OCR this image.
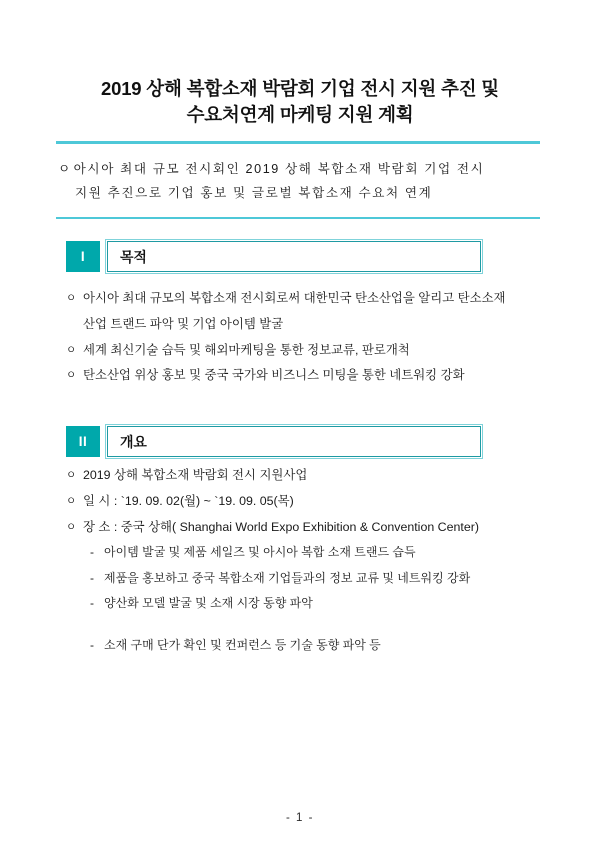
2019 상해 복합소재 박람회 기업 전시 지원 추진 및
수요처연계 마케팅 지원 계획
ㅇ 아시아 최대 규모 전시회인 2019 상해 복합소재 박람회 기업 전시
지원 추진으로 기업 홍보 및 글로벌 복합소재 수요처 연계
I	목적
ㅇ 아시아 최대 규모의 복합소재 전시회로써 대한민국 탄소산업을 알리고 탄소소재
산업 트랜드 파악 및 기업 아이템 발굴
ㅇ 세계 최신기술 습득 및 해외마케팅을 통한 정보교류, 판로개척
ㅇ 탄소산업 위상 홍보 및 중국 국가와 비즈니스 미팅을 통한 네트워킹 강화
II	개요
ㅇ 2019 상해 복합소재 박람회 전시 지원사업
ㅇ 일 시 : `19. 09. 02(월) ~ `19. 09. 05(목)
ㅇ 장 소 : 중국 상해( Shanghai World Expo Exhibition & Convention Center)
- 아이템 발굴 및 제품 세일즈 및 아시아 복합 소재 트랜드 습득
- 제품을 홍보하고 중국 복합소재 기업들과의 정보 교류 및 네트워킹 강화
- 양산화 모델 발굴 및 소재 시장 동향 파악
- 소재 구매 단가 확인 및 컨퍼런스 등 기술 동향 파악 등
- 1 -
